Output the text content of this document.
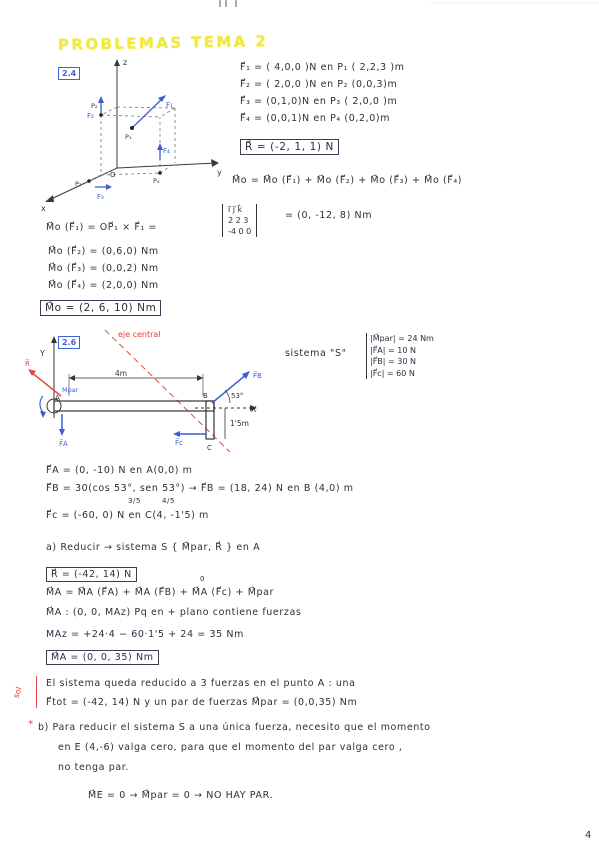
PROBLEMAS TEMA 2
2.4
z
y
x
O
F₁
F₂
F₄
F₃
P₁
P₂
P₄
P₃
F⃗₁ = ( 4,0,0 )N en P₁ ( 2,2,3 )m
F⃗₂ = ( 2,0,0 )N en P₂ (0,0,3)m
F⃗₃ = (0,1,0)N en P₃ ( 2,0,0 )m
F⃗₄ = (0,0,1)N en P₄ (0,2,0)m
R⃗ = (-2, 1, 1) N
M⃗o = M⃗o (F⃗₁) + M⃗o (F⃗₂) + M⃗o (F⃗₃) + M⃗o (F⃗₄)
M⃗o (F⃗₁) = OP⃗₁ × F⃗₁ =
i⃗ j⃗ k⃗
2 2 3
-4 0 0
= (0, -12, 8) Nm
M⃗o (F⃗₂) = (0,6,0) Nm
M⃗o (F⃗₃) = (0,0,2) Nm
M⃗o (F⃗₄) = (2,0,0) Nm
M⃗o = (2, 6, 10) Nm
2.6
Y
X
4m
1'5m
53°
A	B
C
F⃗A
F⃗B
F⃗c
Mpar
R⃗
eje central
sistema "S"
|M⃗par| = 24 Nm
|F⃗A| = 10 N
|F⃗B| = 30 N
|F⃗c| = 60 N
F⃗A = (0, -10) N en A(0,0) m
F⃗B = 30(cos 53°, sen 53°) → F⃗B = (18, 24) N en B (4,0) m
3/5	4/5
F⃗c = (-60, 0) N en C(4, -1'5) m
a) Reducir → sistema S { M⃗par, R⃗ } en A
R⃗ = (-42, 14) N	0
M⃗A = M⃗A (F⃗A) + M⃗A (F⃗B) + M⃗A (F⃗c) + M⃗par
M⃗A : (0, 0, MAz) Pq en + plano contiene fuerzas
MAz = +24·4 − 60·1'5 + 24 = 35 Nm
M⃗A = (0, 0, 35) Nm
sol
El sistema queda reducido a 3 fuerzas en el punto A : una
F⃗tot = (-42, 14) N y un par de fuerzas M⃗par = (0,0,35) Nm
* b) Para reducir el sistema S a una única fuerza, necesito que el momento
en E (4,-6) valga cero, para que el momento del par valga cero ,
no tenga par.
M⃗E = 0 → M⃗par = 0 → NO HAY PAR.
4
